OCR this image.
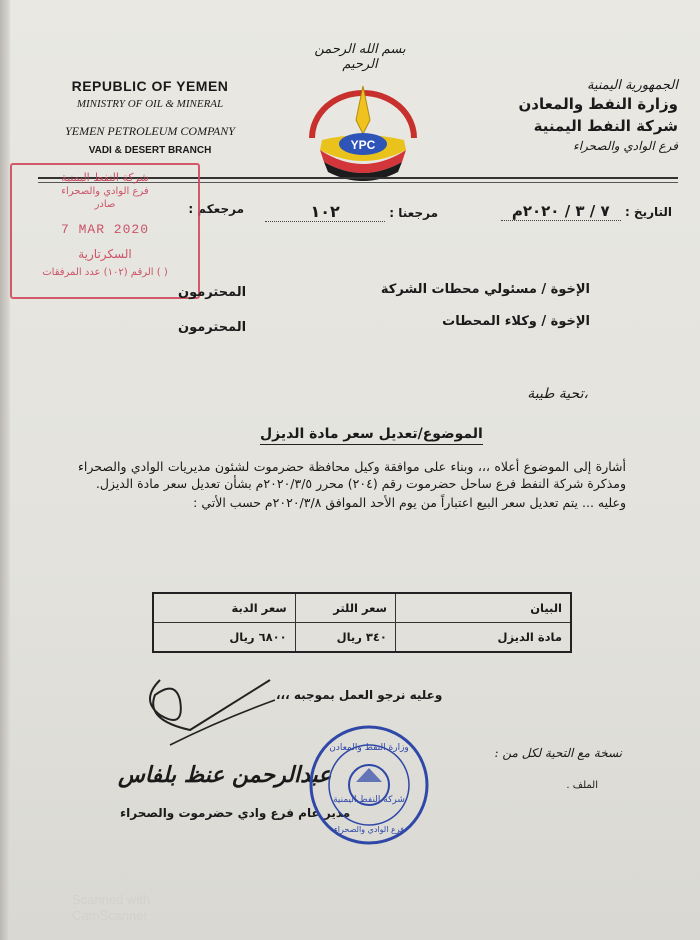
REPUBLIC OF YEMEN
MINISTRY OF OIL & MINERAL
YEMEN PETROLEUM COMPANY
VADI & DESERT BRANCH
بسم الله الرحمن الرحيم
YPC
الجمهورية اليمنية
وزارة النفط والمعادن
شركة النفط اليمنية
فرع الوادي والصحراء
التاريخ : ٧ / ٣ / ٢٠٢٠م
مرجعنا : ١٠٢
مرجعكم :
شركة النفط اليمنية
فرع الوادي والصحراء
صادر
7 MAR 2020
السكرتارية
الرقم (١٠٢) عدد المرفقات ( )
الإخوة / مسئولي محطات الشركة
المحترمون
الإخوة / وكلاء المحطات
المحترمون
تحية طيبة،
الموضوع/تعديل سعر مادة الديزل

أشارة إلى الموضوع أعلاه ،،، وبناء على موافقة وكيل محافظة حضرموت لشئون مديريات الوادي والصحراء ومذكرة شركة النفط فرع ساحل حضرموت رقم (٢٠٤) محرر ٢٠٢٠/٣/٥م بشأن تعديل سعر مادة الديزل.

وعليه ... يتم تعديل سعر البيع اعتباراً من يوم الأحد الموافق ٢٠٢٠/٣/٨م حسب الأتي :

البيان	سعر اللتر	سعر الدبة
مادة الديزل	٣٤٠ ريال	٦٨٠٠ ريال
وعليه نرجو العمل بموجبه ،،،
عبدالرحمن عنظ بلفاس
مدير عام فرع وادي حضرموت والصحراء
وزارة النفط والمعادن
شركة النفط اليمنية
فرع الوادي والصحراء
نسخة مع التحية لكل من :
الملف .
Scanned with
CamScanner
